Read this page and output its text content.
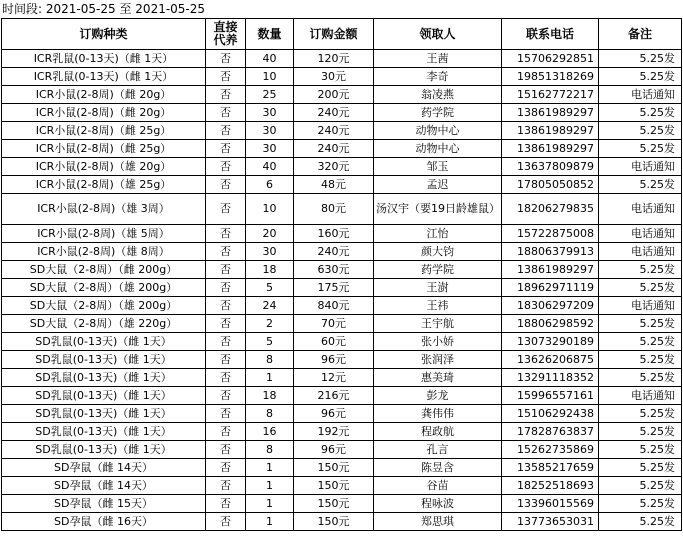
时间段: 2021-05-25 至 2021-05-25
订购种类	直接代养	数量	订购金额	领取人	联系电话	备注
ICR乳鼠(0-13天)（雌 1天）	否	40	120元	王茜	15706292851	5.25发
ICR乳鼠(0-13天)（雌 1天）	否	10	30元	李奇	19851318269	5.25发
ICR小鼠(2-8周)（雌 20g）	否	25	200元	翁凌燕	15162772217	电话通知
ICR小鼠(2-8周)（雌 20g）	否	30	240元	药学院	13861989297	5.25发
ICR小鼠(2-8周)（雌 25g）	否	30	240元	动物中心	13861989297	5.25发
ICR小鼠(2-8周)（雌 25g）	否	30	240元	动物中心	13861989297	5.25发
ICR小鼠(2-8周)（雄 20g）	否	40	320元	邹玉	13637809879	电话通知
ICR小鼠(2-8周)（雄 25g）	否	6	48元	孟迟	17805050852	5.25发
ICR小鼠(2-8周)（雄 3周）	否	10	80元	汤汉宇（要19日龄雄鼠）	18206279835	电话通知
ICR小鼠(2-8周)（雄 5周）	否	20	160元	江怡	15722875008	电话通知
ICR小鼠(2-8周)（雄 8周）	否	30	240元	颜大钧	18806379913	电话通知
SD大鼠（2-8周）（雌 200g）	否	18	630元	药学院	13861989297	5.25发
SD大鼠（2-8周）（雄 200g）	否	5	175元	王澍	18962971119	5.25发
SD大鼠（2-8周）（雄 200g）	否	24	840元	王祎	18306297209	电话通知
SD大鼠（2-8周）（雄 220g）	否	2	70元	王宇航	18806298592	5.25发
SD乳鼠(0-13天)（雌 1天）	否	5	60元	张小娇	13073290189	5.25发
SD乳鼠(0-13天)（雌 1天）	否	8	96元	张润泽	13626206875	5.25发
SD乳鼠(0-13天)（雌 1天）	否	1	12元	惠美琦	13291118352	5.25发
SD乳鼠(0-13天)（雌 1天）	否	18	216元	彭龙	15996557161	电话通知
SD乳鼠(0-13天)（雌 1天）	否	8	96元	龚伟伟	15106292438	5.25发
SD乳鼠(0-13天)（雌 1天）	否	16	192元	程政航	17828763837	5.25发
SD乳鼠(0-13天)（雌 1天）	否	8	96元	孔言	15262735869	5.25发
SD孕鼠（雌 14天）	否	1	150元	陈昱含	13585217659	5.25发
SD孕鼠（雌 14天）	否	1	150元	谷苗	18252518693	5.25发
SD孕鼠（雌 15天）	否	1	150元	程咏波	13396015569	5.25发
SD孕鼠（雌 16天）	否	1	150元	郑思琪	13773653031	5.25发
